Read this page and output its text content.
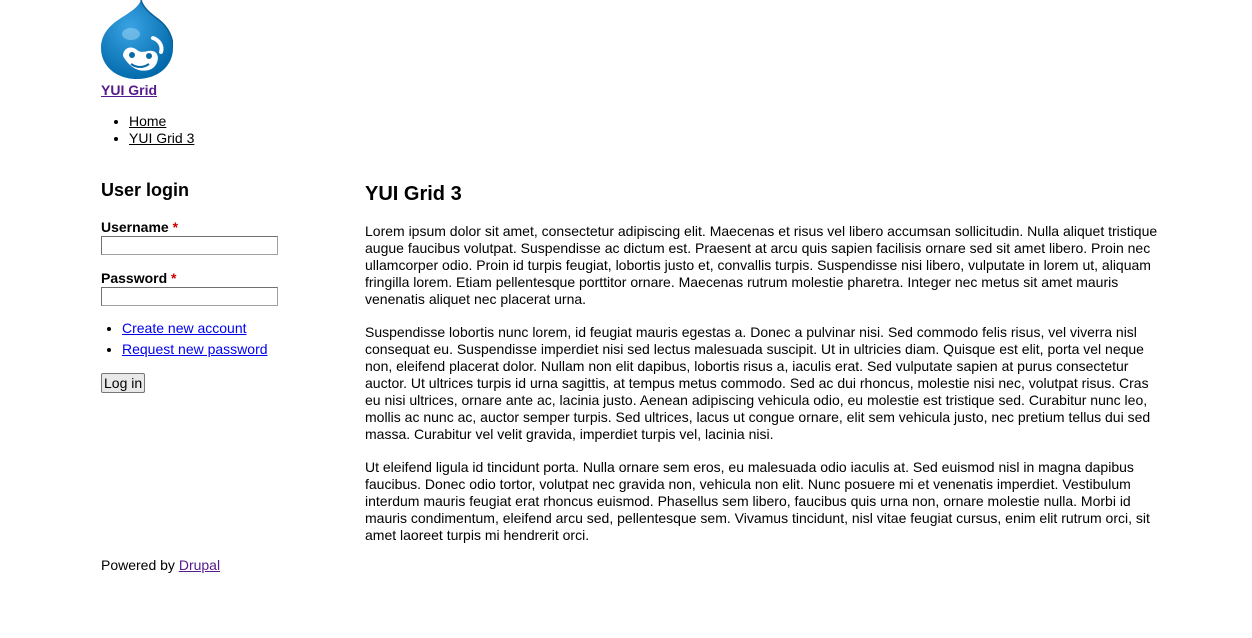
YUI Grid
• Home
• YUI Grid 3
User login
Username *
Password *
• Create new account
• Request new password
Log in
YUI Grid 3

Lorem ipsum dolor sit amet, consectetur adipiscing elit. Maecenas et risus vel libero accumsan sollicitudin. Nulla aliquet tristique augue faucibus volutpat. Suspendisse ac dictum est. Praesent at arcu quis sapien facilisis ornare sed sit amet libero. Proin nec ullamcorper odio. Proin id turpis feugiat, lobortis justo et, convallis turpis. Suspendisse nisi libero, vulputate in lorem ut, aliquam fringilla lorem. Etiam pellentesque porttitor ornare. Maecenas rutrum molestie pharetra. Integer nec metus sit amet mauris venenatis aliquet nec placerat urna.

Suspendisse lobortis nunc lorem, id feugiat mauris egestas a. Donec a pulvinar nisi. Sed commodo felis risus, vel viverra nisl consequat eu. Suspendisse imperdiet nisi sed lectus malesuada suscipit. Ut in ultricies diam. Quisque est elit, porta vel neque non, eleifend placerat dolor. Nullam non elit dapibus, lobortis risus a, iaculis erat. Sed vulputate sapien at purus consectetur auctor. Ut ultrices turpis id urna sagittis, at tempus metus commodo. Sed ac dui rhoncus, molestie nisi nec, volutpat risus. Cras eu nisi ultrices, ornare ante ac, lacinia justo. Aenean adipiscing vehicula odio, eu molestie est tristique sed. Curabitur nunc leo, mollis ac nunc ac, auctor semper turpis. Sed ultrices, lacus ut congue ornare, elit sem vehicula justo, nec pretium tellus dui sed massa. Curabitur vel velit gravida, imperdiet turpis vel, lacinia nisi.

Ut eleifend ligula id tincidunt porta. Nulla ornare sem eros, eu malesuada odio iaculis at. Sed euismod nisl in magna dapibus faucibus. Donec odio tortor, volutpat nec gravida non, vehicula non elit. Nunc posuere mi et venenatis imperdiet. Vestibulum interdum mauris feugiat erat rhoncus euismod. Phasellus sem libero, faucibus quis urna non, ornare molestie nulla. Morbi id mauris condimentum, eleifend arcu sed, pellentesque sem. Vivamus tincidunt, nisl vitae feugiat cursus, enim elit rutrum orci, sit amet laoreet turpis mi hendrerit orci.

Powered by Drupal
